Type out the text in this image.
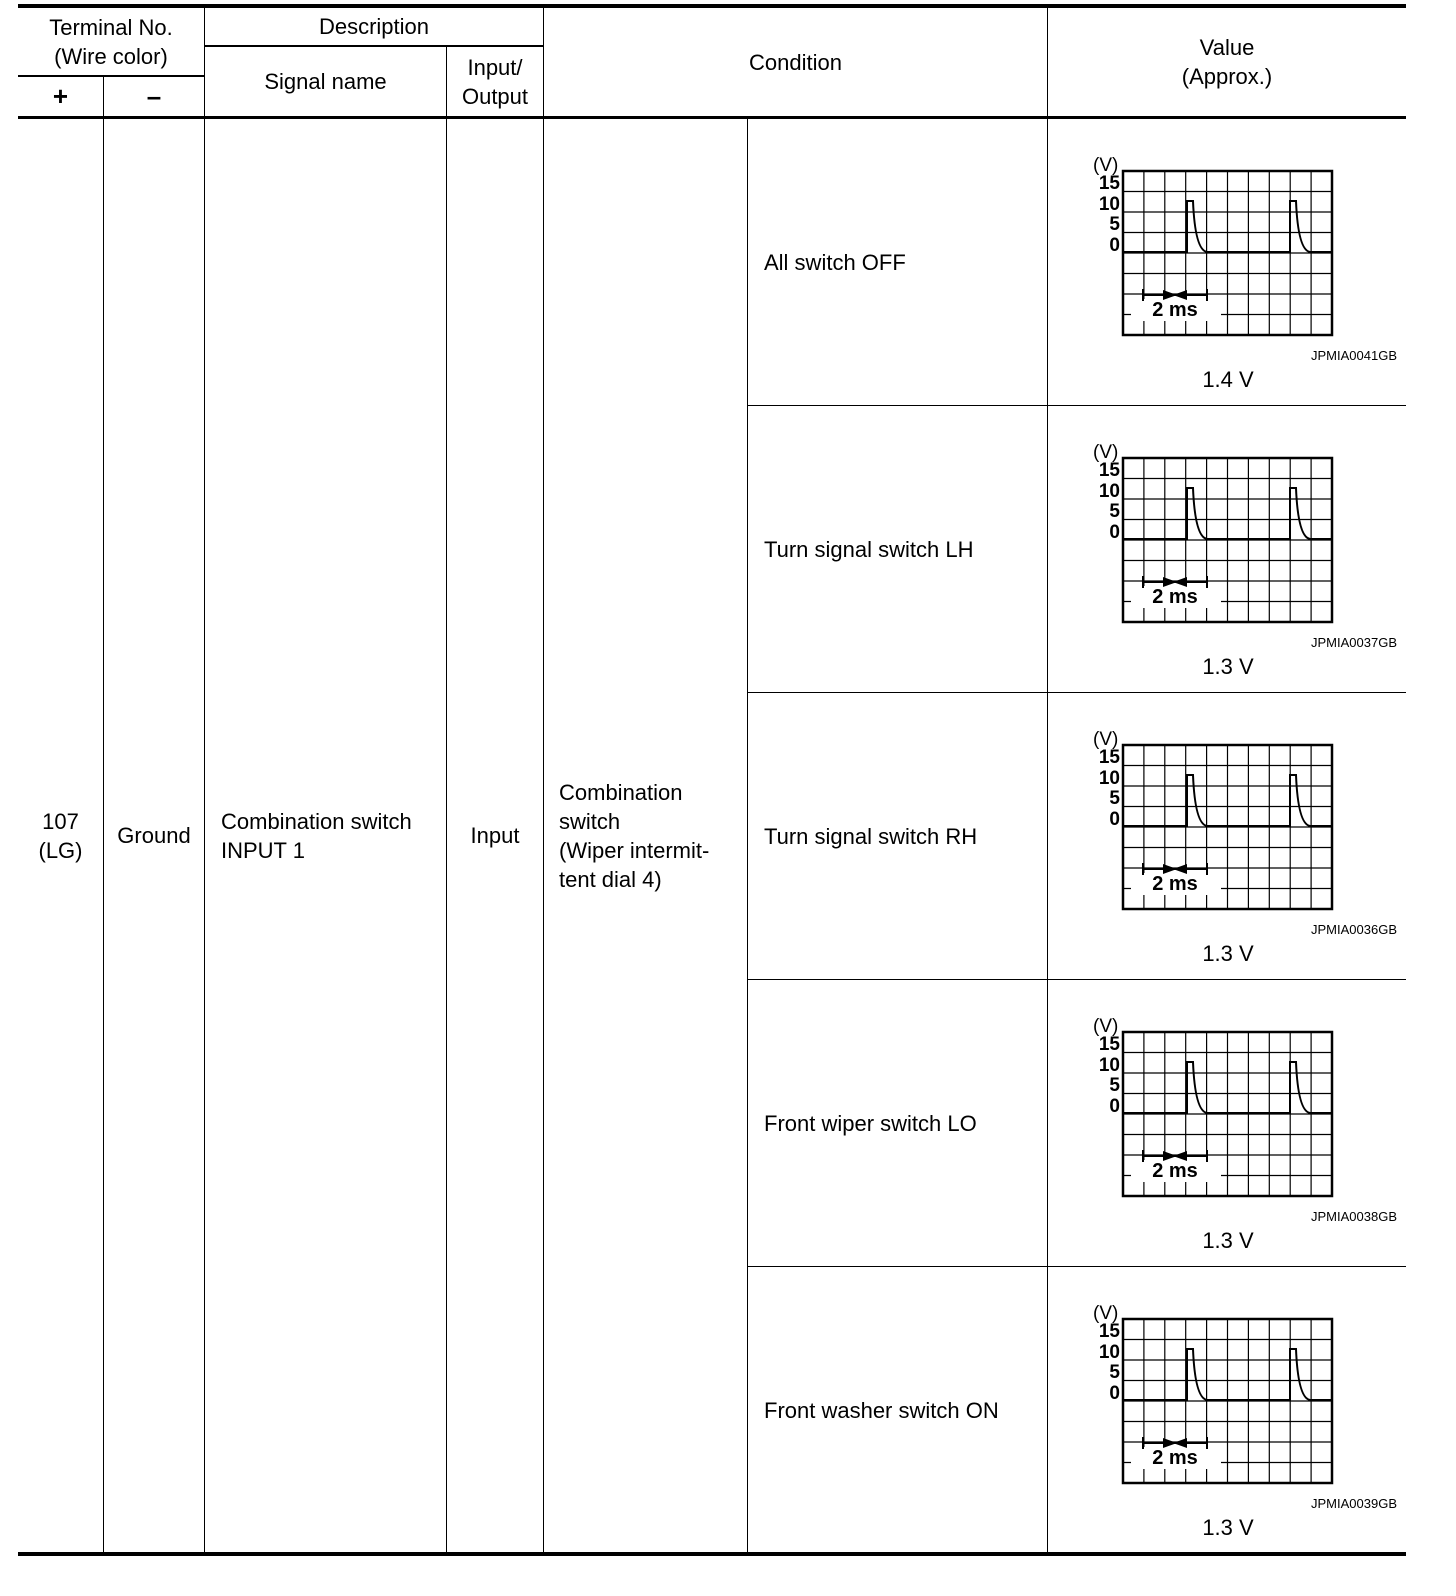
Terminal No.
(Wire color)
+	–
Description
Signal name
Input/
Output
Condition
Value
(Approx.)
107
(LG)
Ground
Combination switch
INPUT 1
Input
Combination
switch
(Wiper intermit-
tent dial 4)
All switch OFF
(V)
15
10
5
0
2 ms
JPMIA0041GB
1.4 V
Turn signal switch LH
(V)
15
10
5
0
2 ms
JPMIA0037GB
1.3 V
Turn signal switch RH
(V)
15
10
5
0
2 ms
JPMIA0036GB
1.3 V
Front wiper switch LO
(V)
15
10
5
0
2 ms
JPMIA0038GB
1.3 V
Front washer switch ON
(V)
15
10
5
0
2 ms
JPMIA0039GB
1.3 V
